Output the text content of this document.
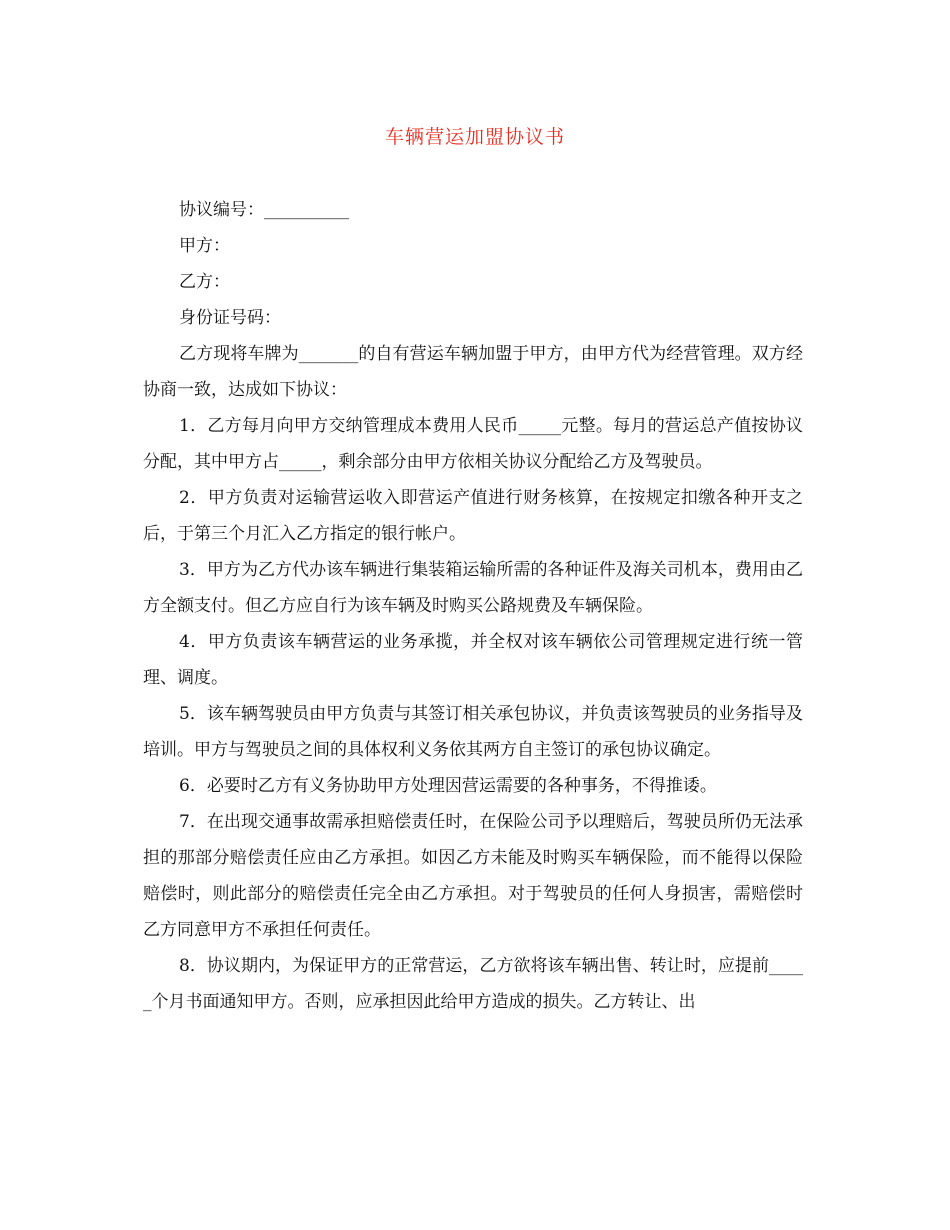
车辆营运加盟协议书
协议编号：__________
甲方：
乙方：
身份证号码：

乙方现将车牌为_______的自有营运车辆加盟于甲方，由甲方代为经营管理。双方经协商一致，达成如下协议：

1．乙方每月向甲方交纳管理成本费用人民币_____元整。每月的营运总产值按协议分配，其中甲方占_____，剩余部分由甲方依相关协议分配给乙方及驾驶员。

2．甲方负责对运输营运收入即营运产值进行财务核算，在按规定扣缴各种开支之后，于第三个月汇入乙方指定的银行帐户。

3．甲方为乙方代办该车辆进行集装箱运输所需的各种证件及海关司机本，费用由乙方全额支付。但乙方应自行为该车辆及时购买公路规费及车辆保险。

4．甲方负责该车辆营运的业务承揽，并全权对该车辆依公司管理规定进行统一管理、调度。

5．该车辆驾驶员由甲方负责与其签订相关承包协议，并负责该驾驶员的业务指导及培训。甲方与驾驶员之间的具体权利义务依其两方自主签订的承包协议确定。

6．必要时乙方有义务协助甲方处理因营运需要的各种事务，不得推诿。

7．在出现交通事故需承担赔偿责任时，在保险公司予以理赔后，驾驶员所仍无法承担的那部分赔偿责任应由乙方承担。如因乙方未能及时购买车辆保险，而不能得以保险赔偿时，则此部分的赔偿责任完全由乙方承担。对于驾驶员的任何人身损害，需赔偿时乙方同意甲方不承担任何责任。

8．协议期内，为保证甲方的正常营运，乙方欲将该车辆出售、转让时，应提前_____个月书面通知甲方。否则，应承担因此给甲方造成的损失。乙方转让、出
